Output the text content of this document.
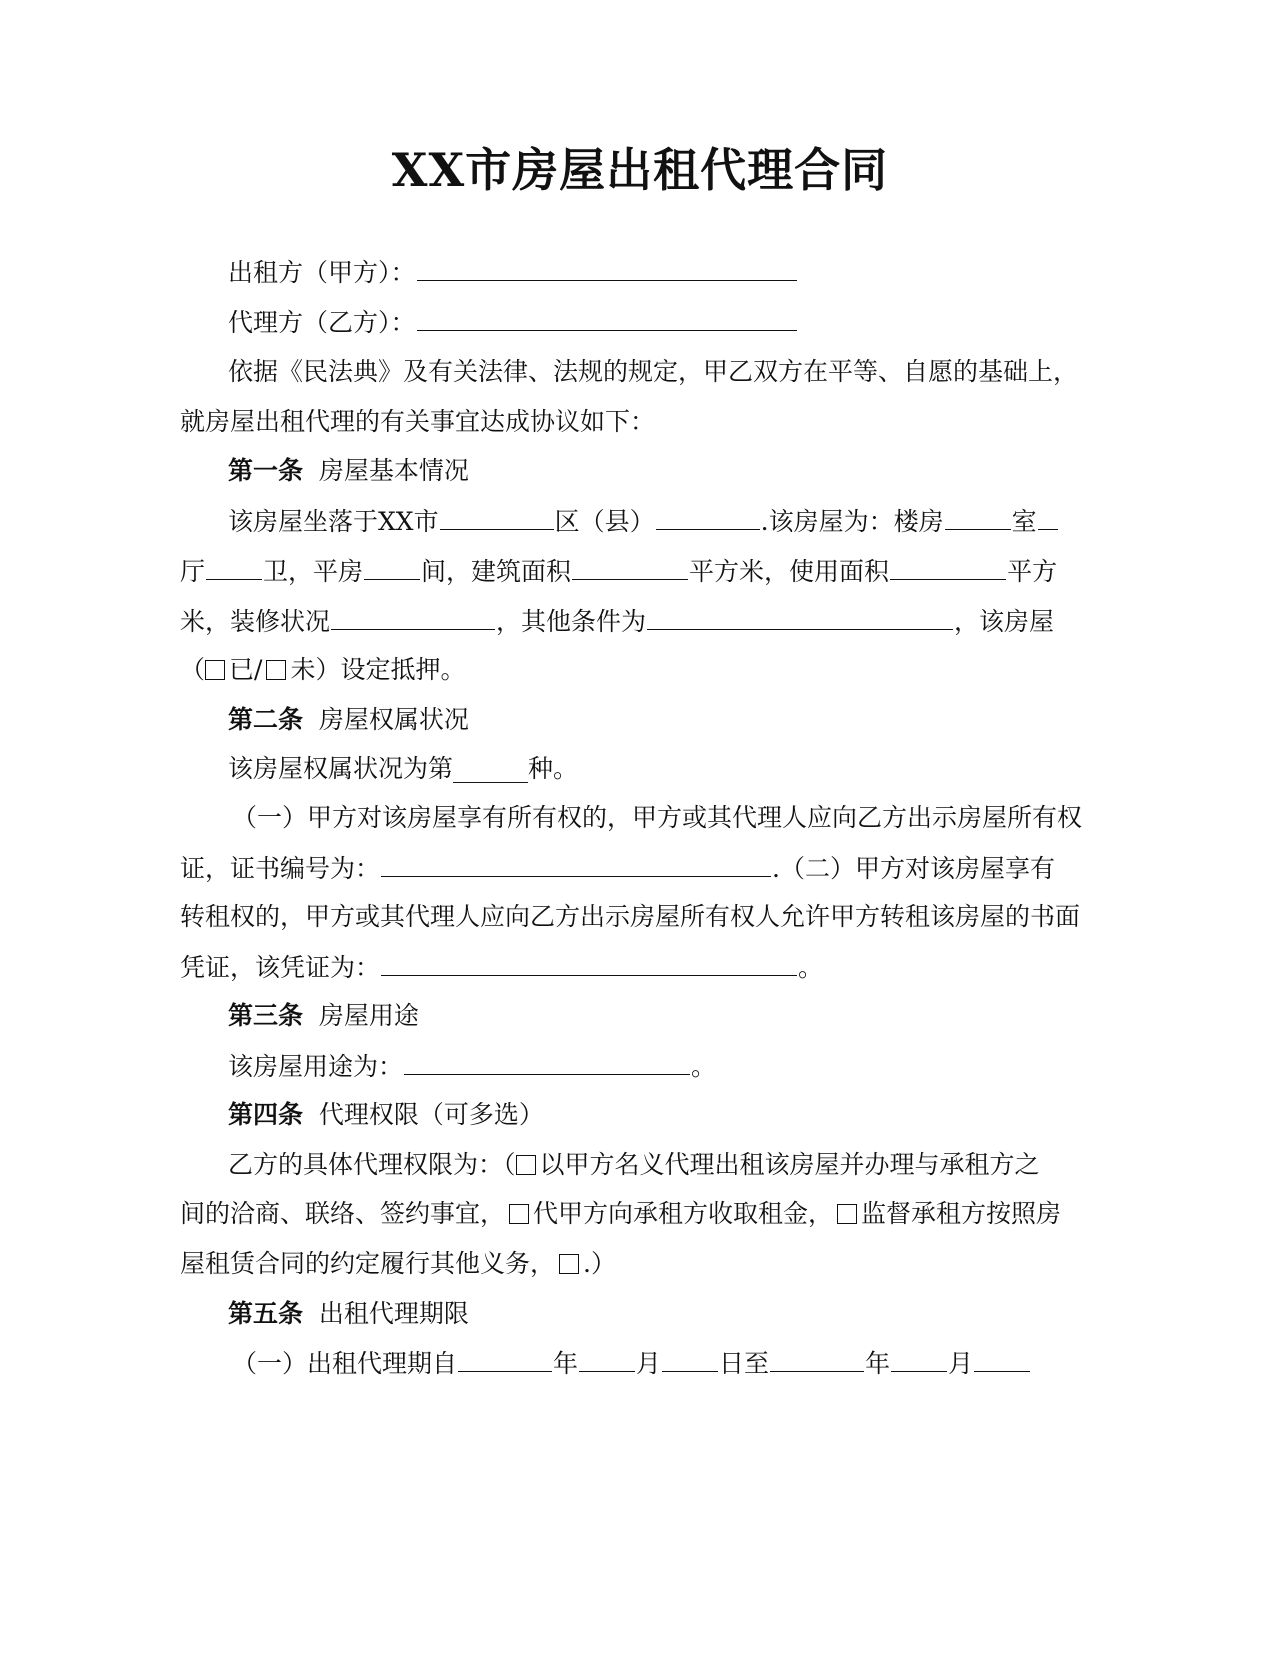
XX市房屋出租代理合同
出租方（甲方）：
代理方（乙方）：
依据《民法典》及有关法律、法规的规定，甲乙双方在平等、自愿的基础上，
就房屋出租代理的有关事宜达成协议如下：
第一条 房屋基本情况
该房屋坐落于XX市	区（县）	.该房屋为：楼房	室
厅 卫，平房 间，建筑面积	平方米，使用面积	平方
米，装修状况	，其他条件为	，该房屋
（ 已/ 未）设定抵押。
第二条 房屋权属状况
该房屋权属状况为第______种。
（一）甲方对该房屋享有所有权的，甲方或其代理人应向乙方出示房屋所有权
证，证书编号为：	.（二）甲方对该房屋享有
转租权的，甲方或其代理人应向乙方出示房屋所有权人允许甲方转租该房屋的书面
凭证，该凭证为：	。
第三条 房屋用途
该房屋用途为：	。
第四条 代理权限（可多选）
乙方的具体代理权限为：（ 以甲方名义代理出租该房屋并办理与承租方之
间的洽商、联络、签约事宜， 代甲方向承租方收取租金， 监督承租方按照房
屋租赁合同的约定履行其他义务， .）
第五条 出租代理期限
（一）出租代理期自	年 月 日至	年 月
